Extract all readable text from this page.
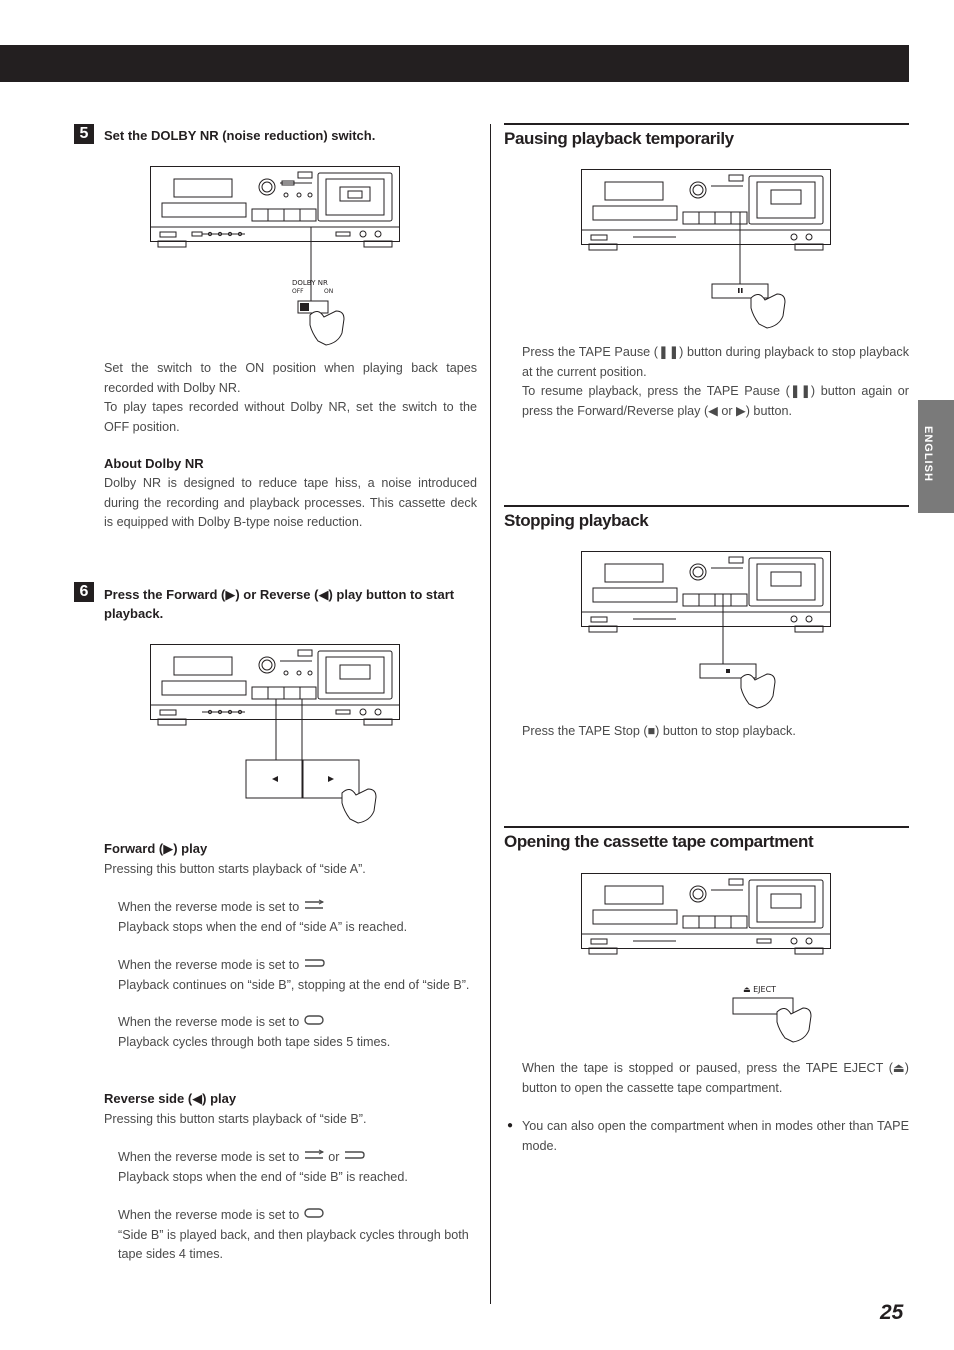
ENGLISH
5	Set the DOLBY NR (noise reduction) switch.
DOLBY NR
OFF	ON
Set the switch to the ON position when playing back tapes recorded with Dolby NR.
To play tapes recorded without Dolby NR, set the switch to the OFF position.
About Dolby NR
Dolby NR is designed to reduce tape hiss, a noise introduced during the recording and playback processes. This cassette deck is equipped with Dolby B-type noise reduction.
6	Press the Forward (▶) or Reverse (◀) play button to start playback.
Forward (▶) play
Pressing this button starts playback of “side A”.
When the reverse mode is set to
Playback stops when the end of “side A” is reached.
When the reverse mode is set to
Playback continues on “side B”, stopping at the end of “side B”.
When the reverse mode is set to
Playback cycles through both tape sides 5 times.
Reverse side (◀) play
Pressing this button starts playback of “side B”.
When the reverse mode is set to or
Playback stops when the end of “side B” is reached.
When the reverse mode is set to
“Side B” is played back, and then playback cycles through both tape sides 4 times.
Pausing playback temporarily
Press the TAPE Pause (❚❚) button during playback to stop playback at the current position.
To resume playback, press the TAPE Pause (❚❚) button again or press the Forward/Reverse play (◀ or ▶) button.
Stopping playback
Press the TAPE Stop (■) button to stop playback.
Opening the cassette tape compartment
⏏ EJECT
When the tape is stopped or paused, press the TAPE EJECT (⏏) button to open the cassette tape compartment.
● You can also open the compartment when in modes other than TAPE mode.
25
